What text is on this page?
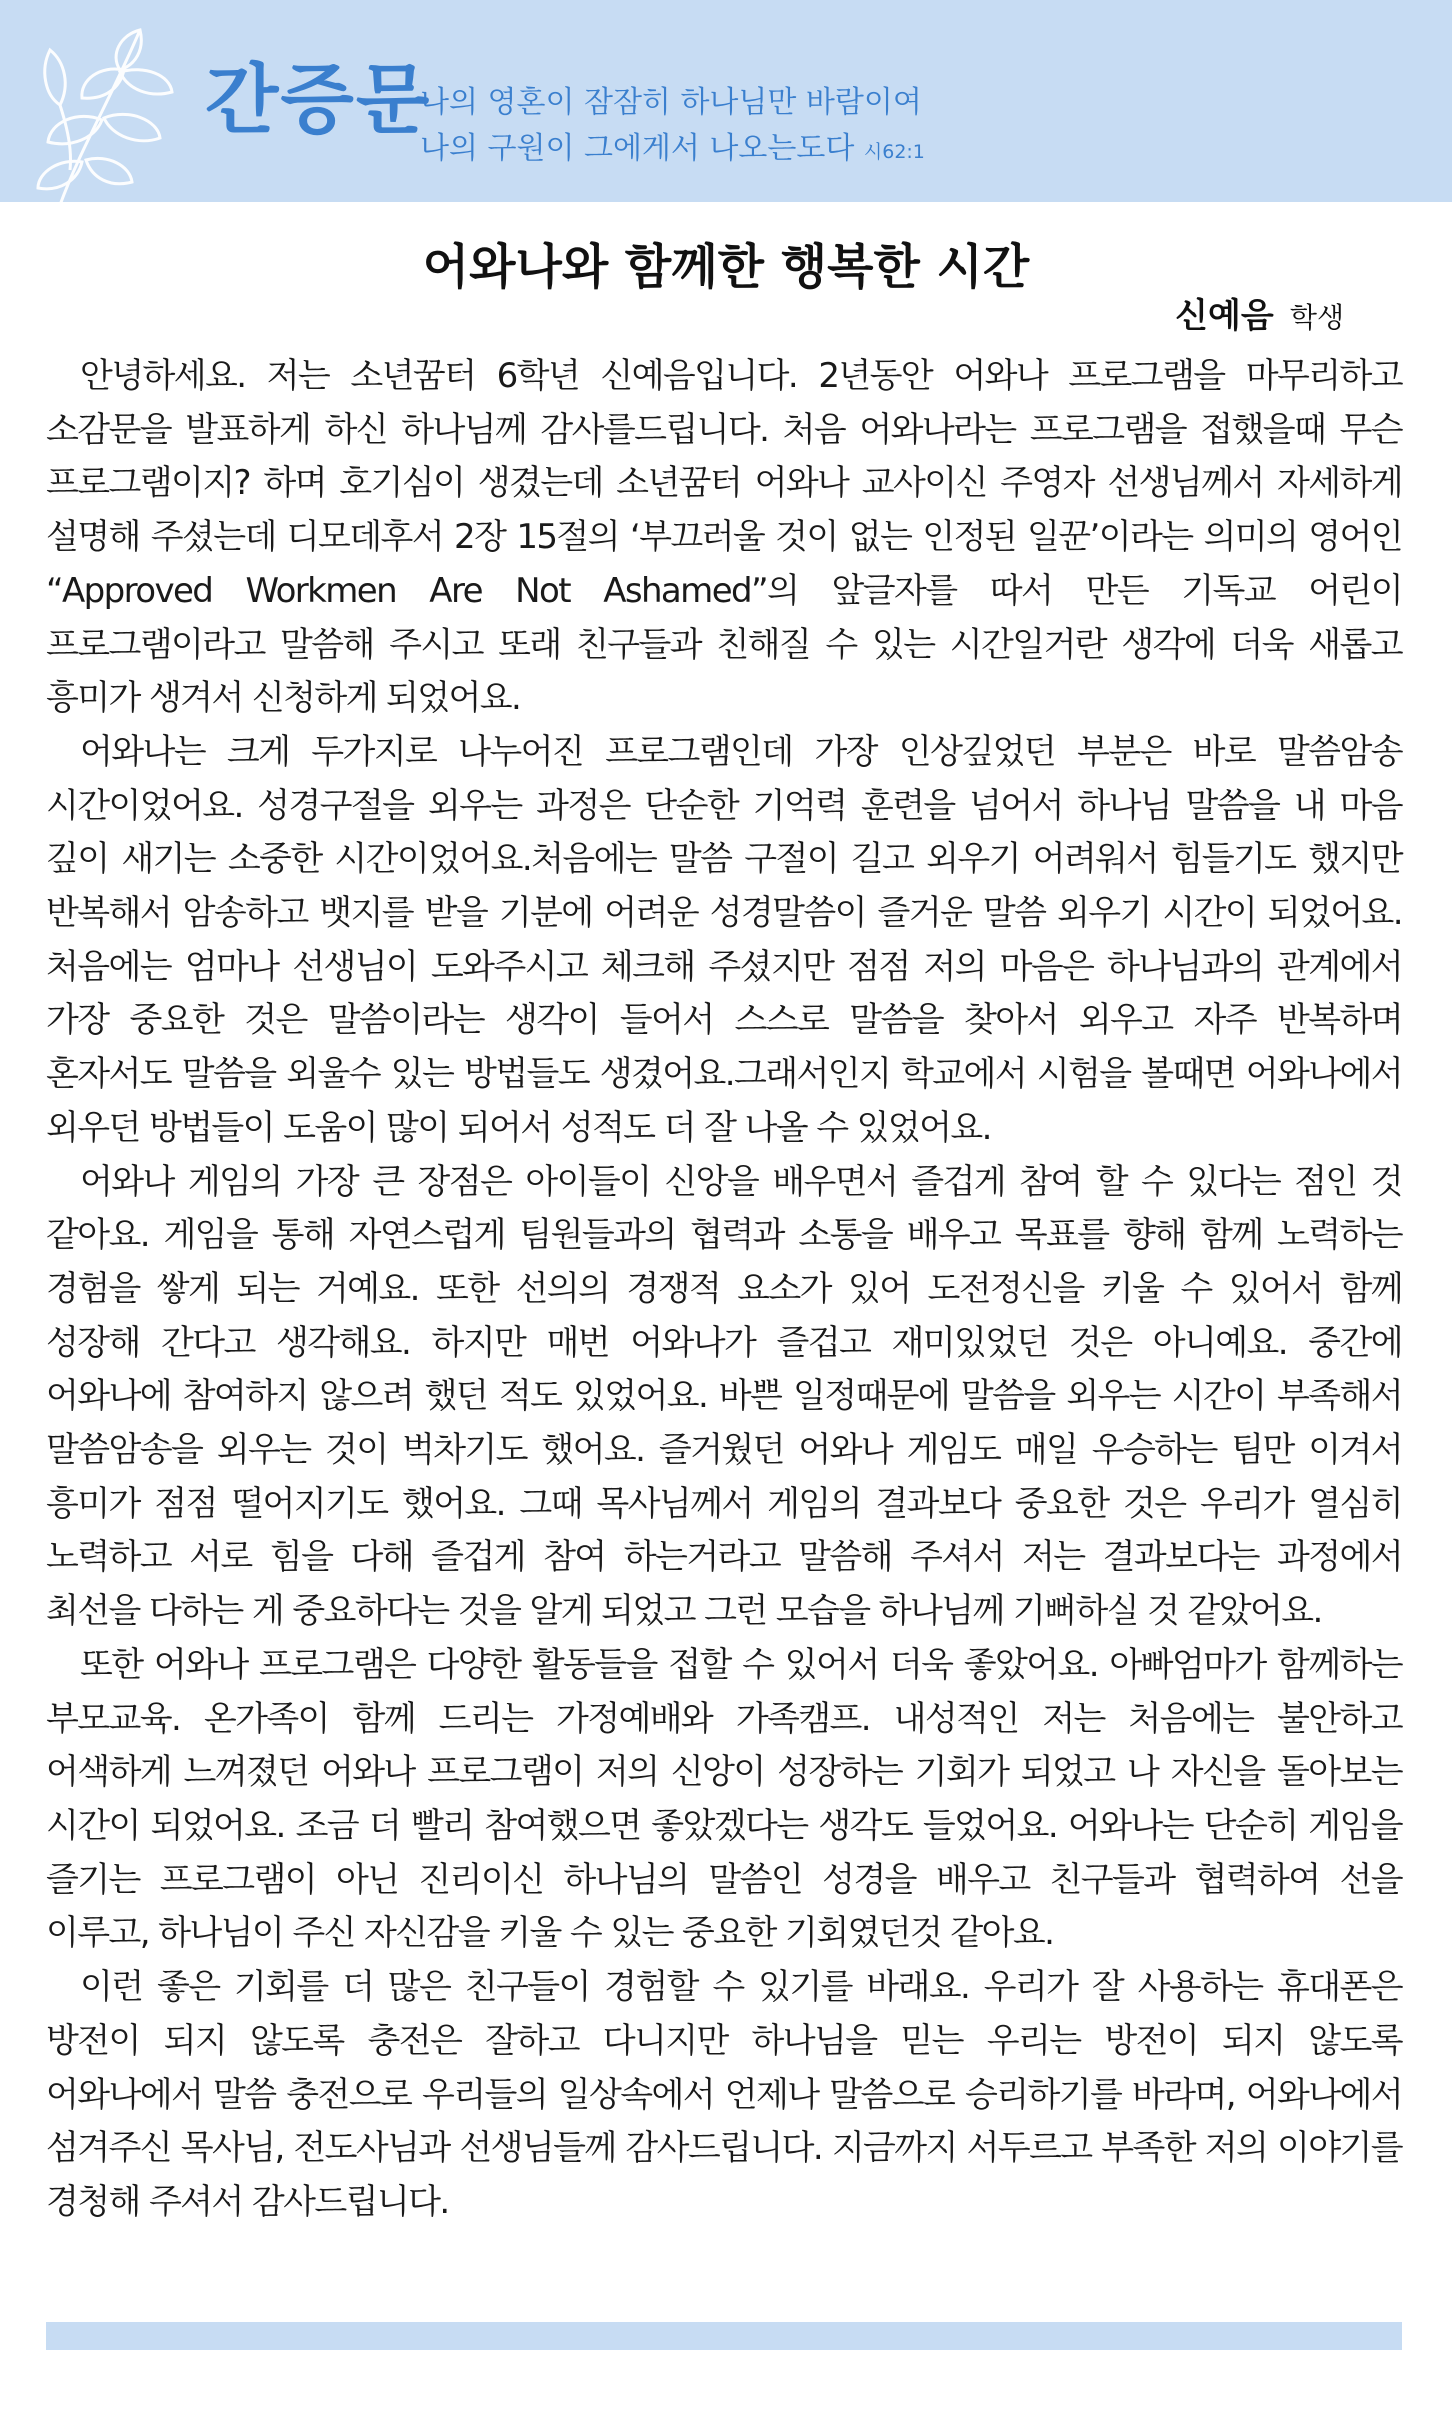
간증문
나의 영혼이 잠잠히 하나님만 바람이여
나의 구원이 그에게서 나오는도다 시62:1
어와나와 함께한 행복한 시간
신예음 학생

안녕하세요. 저는 소년꿈터 6학년 신예음입니다. 2년동안 어와나 프로그램을 마무리하고 소감문을 발표하게 하신 하나님께 감사를드립니다. 처음 어와나라는 프로그램을 접했을때 무슨 프로그램이지? 하며 호기심이 생겼는데 소년꿈터 어와나 교사이신 주영자 선생님께서 자세하게 설명해 주셨는데 디모데후서 2장 15절의 ‘부끄러울 것이 없는 인정된 일꾼’이라는 의미의 영어인 “Approved Workmen Are Not Ashamed”의 앞글자를 따서 만든 기독교 어린이 프로그램이라고 말씀해 주시고 또래 친구들과 친해질 수 있는 시간일거란 생각에 더욱 새롭고 흥미가 생겨서 신청하게 되었어요.

어와나는 크게 두가지로 나누어진 프로그램인데 가장 인상깊었던 부분은 바로 말씀암송 시간이었어요. 성경구절을 외우는 과정은 단순한 기억력 훈련을 넘어서 하나님 말씀을 내 마음 깊이 새기는 소중한 시간이었어요.처음에는 말씀 구절이 길고 외우기 어려워서 힘들기도 했지만 반복해서 암송하고 뱃지를 받을 기분에 어려운 성경말씀이 즐거운 말씀 외우기 시간이 되었어요. 처음에는 엄마나 선생님이 도와주시고 체크해 주셨지만 점점 저의 마음은 하나님과의 관계에서 가장 중요한 것은 말씀이라는 생각이 들어서 스스로 말씀을 찾아서 외우고 자주 반복하며 혼자서도 말씀을 외울수 있는 방법들도 생겼어요.그래서인지 학교에서 시험을 볼때면 어와나에서 외우던 방법들이 도움이 많이 되어서 성적도 더 잘 나올 수 있었어요.

어와나 게임의 가장 큰 장점은 아이들이 신앙을 배우면서 즐겁게 참여 할 수 있다는 점인 것 같아요. 게임을 통해 자연스럽게 팀원들과의 협력과 소통을 배우고 목표를 향해 함께 노력하는 경험을 쌓게 되는 거예요. 또한 선의의 경쟁적 요소가 있어 도전정신을 키울 수 있어서 함께 성장해 간다고 생각해요. 하지만 매번 어와나가 즐겁고 재미있었던 것은 아니예요. 중간에 어와나에 참여하지 않으려 했던 적도 있었어요. 바쁜 일정때문에 말씀을 외우는 시간이 부족해서 말씀암송을 외우는 것이 벅차기도 했어요. 즐거웠던 어와나 게임도 매일 우승하는 팀만 이겨서 흥미가 점점 떨어지기도 했어요. 그때 목사님께서 게임의 결과보다 중요한 것은 우리가 열심히 노력하고 서로 힘을 다해 즐겁게 참여 하는거라고 말씀해 주셔서 저는 결과보다는 과정에서 최선을 다하는 게 중요하다는 것을 알게 되었고 그런 모습을 하나님께 기뻐하실 것 같았어요.

또한 어와나 프로그램은 다양한 활동들을 접할 수 있어서 더욱 좋았어요. 아빠엄마가 함께하는 부모교육. 온가족이 함께 드리는 가정예배와 가족캠프. 내성적인 저는 처음에는 불안하고 어색하게 느껴졌던 어와나 프로그램이 저의 신앙이 성장하는 기회가 되었고 나 자신을 돌아보는 시간이 되었어요. 조금 더 빨리 참여했으면 좋았겠다는 생각도 들었어요. 어와나는 단순히 게임을 즐기는 프로그램이 아닌 진리이신 하나님의 말씀인 성경을 배우고 친구들과 협력하여 선을 이루고, 하나님이 주신 자신감을 키울 수 있는 중요한 기회였던것 같아요.

이런 좋은 기회를 더 많은 친구들이 경험할 수 있기를 바래요. 우리가 잘 사용하는 휴대폰은 방전이 되지 않도록 충전은 잘하고 다니지만 하나님을 믿는 우리는 방전이 되지 않도록 어와나에서 말씀 충전으로 우리들의 일상속에서 언제나 말씀으로 승리하기를 바라며, 어와나에서 섬겨주신 목사님, 전도사님과 선생님들께 감사드립니다. 지금까지 서두르고 부족한 저의 이야기를 경청해 주셔서 감사드립니다.
